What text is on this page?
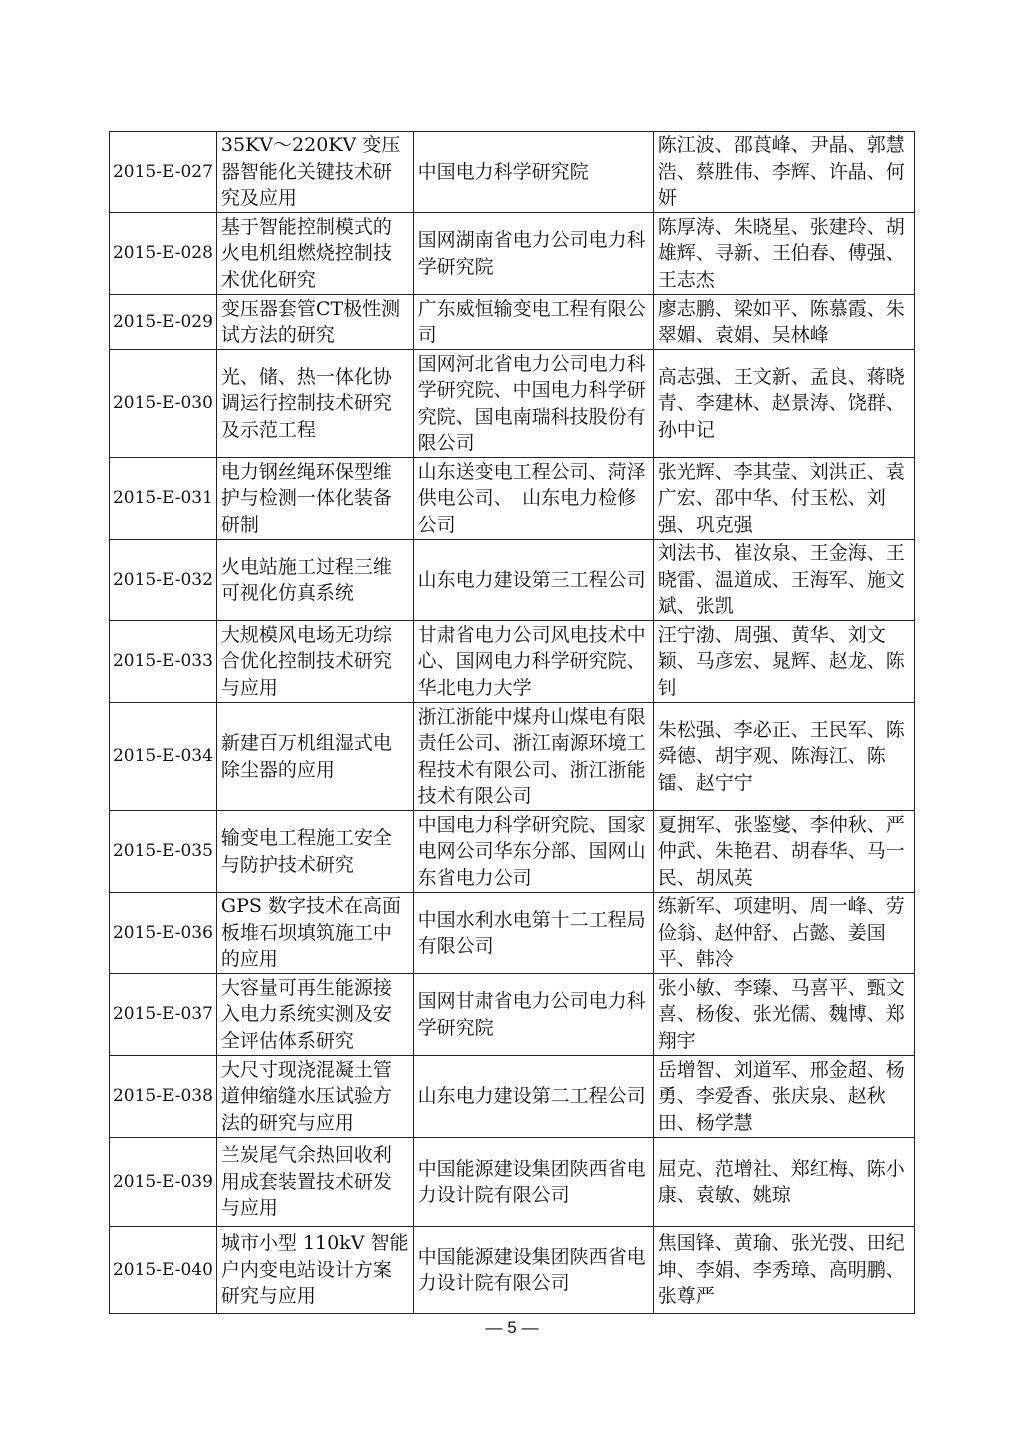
2015-E-027	35KV～220KV 变压器智能化关键技术研究及应用	中国电力科学研究院	陈江波、邵莨峰、尹晶、郭慧浩、蔡胜伟、李辉、许晶、何妍
2015-E-028	基于智能控制模式的火电机组燃烧控制技术优化研究	国网湖南省电力公司电力科学研究院	陈厚涛、朱晓星、张建玲、胡雄辉、寻新、王伯春、傅强、王志杰
2015-E-029	变压器套管CT极性测试方法的研究	广东威恒输变电工程有限公司	廖志鹏、梁如平、陈慕霞、朱翠媚、袁娟、吴林峰
2015-E-030	光、储、热一体化协调运行控制技术研究及示范工程	国网河北省电力公司电力科学研究院、中国电力科学研究院、国电南瑞科技股份有限公司	高志强、王文新、孟良、蒋晓青、李建林、赵景涛、饶群、孙中记
2015-E-031	电力钢丝绳环保型维护与检测一体化装备研制	山东送变电工程公司、菏泽供电公司、　山东电力检修公司	张光辉、李其莹、刘洪正、袁广宏、邵中华、付玉松、刘强、巩克强
2015-E-032	火电站施工过程三维可视化仿真系统	山东电力建设第三工程公司	刘法书、崔汝泉、王金海、王晓雷、温道成、王海军、施文斌、张凯
2015-E-033	大规模风电场无功综合优化控制技术研究与应用	甘肃省电力公司风电技术中心、国网电力科学研究院、华北电力大学	汪宁渤、周强、黄华、刘文颖、马彦宏、晁辉、赵龙、陈钊
2015-E-034	新建百万机组湿式电除尘器的应用	浙江浙能中煤舟山煤电有限责任公司、浙江南源环境工程技术有限公司、浙江浙能技术有限公司	朱松强、李必正、王民军、陈舜德、胡宇观、陈海江、陈镭、赵宁宁
2015-E-035	输变电工程施工安全与防护技术研究	中国电力科学研究院、国家电网公司华东分部、国网山东省电力公司	夏拥军、张鉴燮、李仲秋、严仲武、朱艳君、胡春华、马一民、胡凤英
2015-E-036	GPS 数字技术在高面板堆石坝填筑施工中的应用	中国水利水电第十二工程局有限公司	练新军、项建明、周一峰、劳俭翁、赵仲舒、占懿、姜国平、韩冷
2015-E-037	大容量可再生能源接入电力系统实测及安全评估体系研究	国网甘肃省电力公司电力科学研究院	张小敏、李臻、马喜平、甄文喜、杨俊、张光儒、魏博、郑翔宇
2015-E-038	大尺寸现浇混凝土管道伸缩缝水压试验方法的研究与应用	山东电力建设第二工程公司	岳增智、刘道军、邢金超、杨勇、李爱香、张庆泉、赵秋田、杨学慧
2015-E-039	兰炭尾气余热回收利用成套装置技术研发与应用	中国能源建设集团陕西省电力设计院有限公司	屈克、范增社、郑红梅、陈小康、袁敏、姚琼
2015-E-040	城市小型 110kV 智能户内变电站设计方案研究与应用	中国能源建设集团陕西省电力设计院有限公司	焦国锋、黄瑜、张光弢、田纪坤、李娟、李秀璋、高明鹏、张尊严
— 5 —
